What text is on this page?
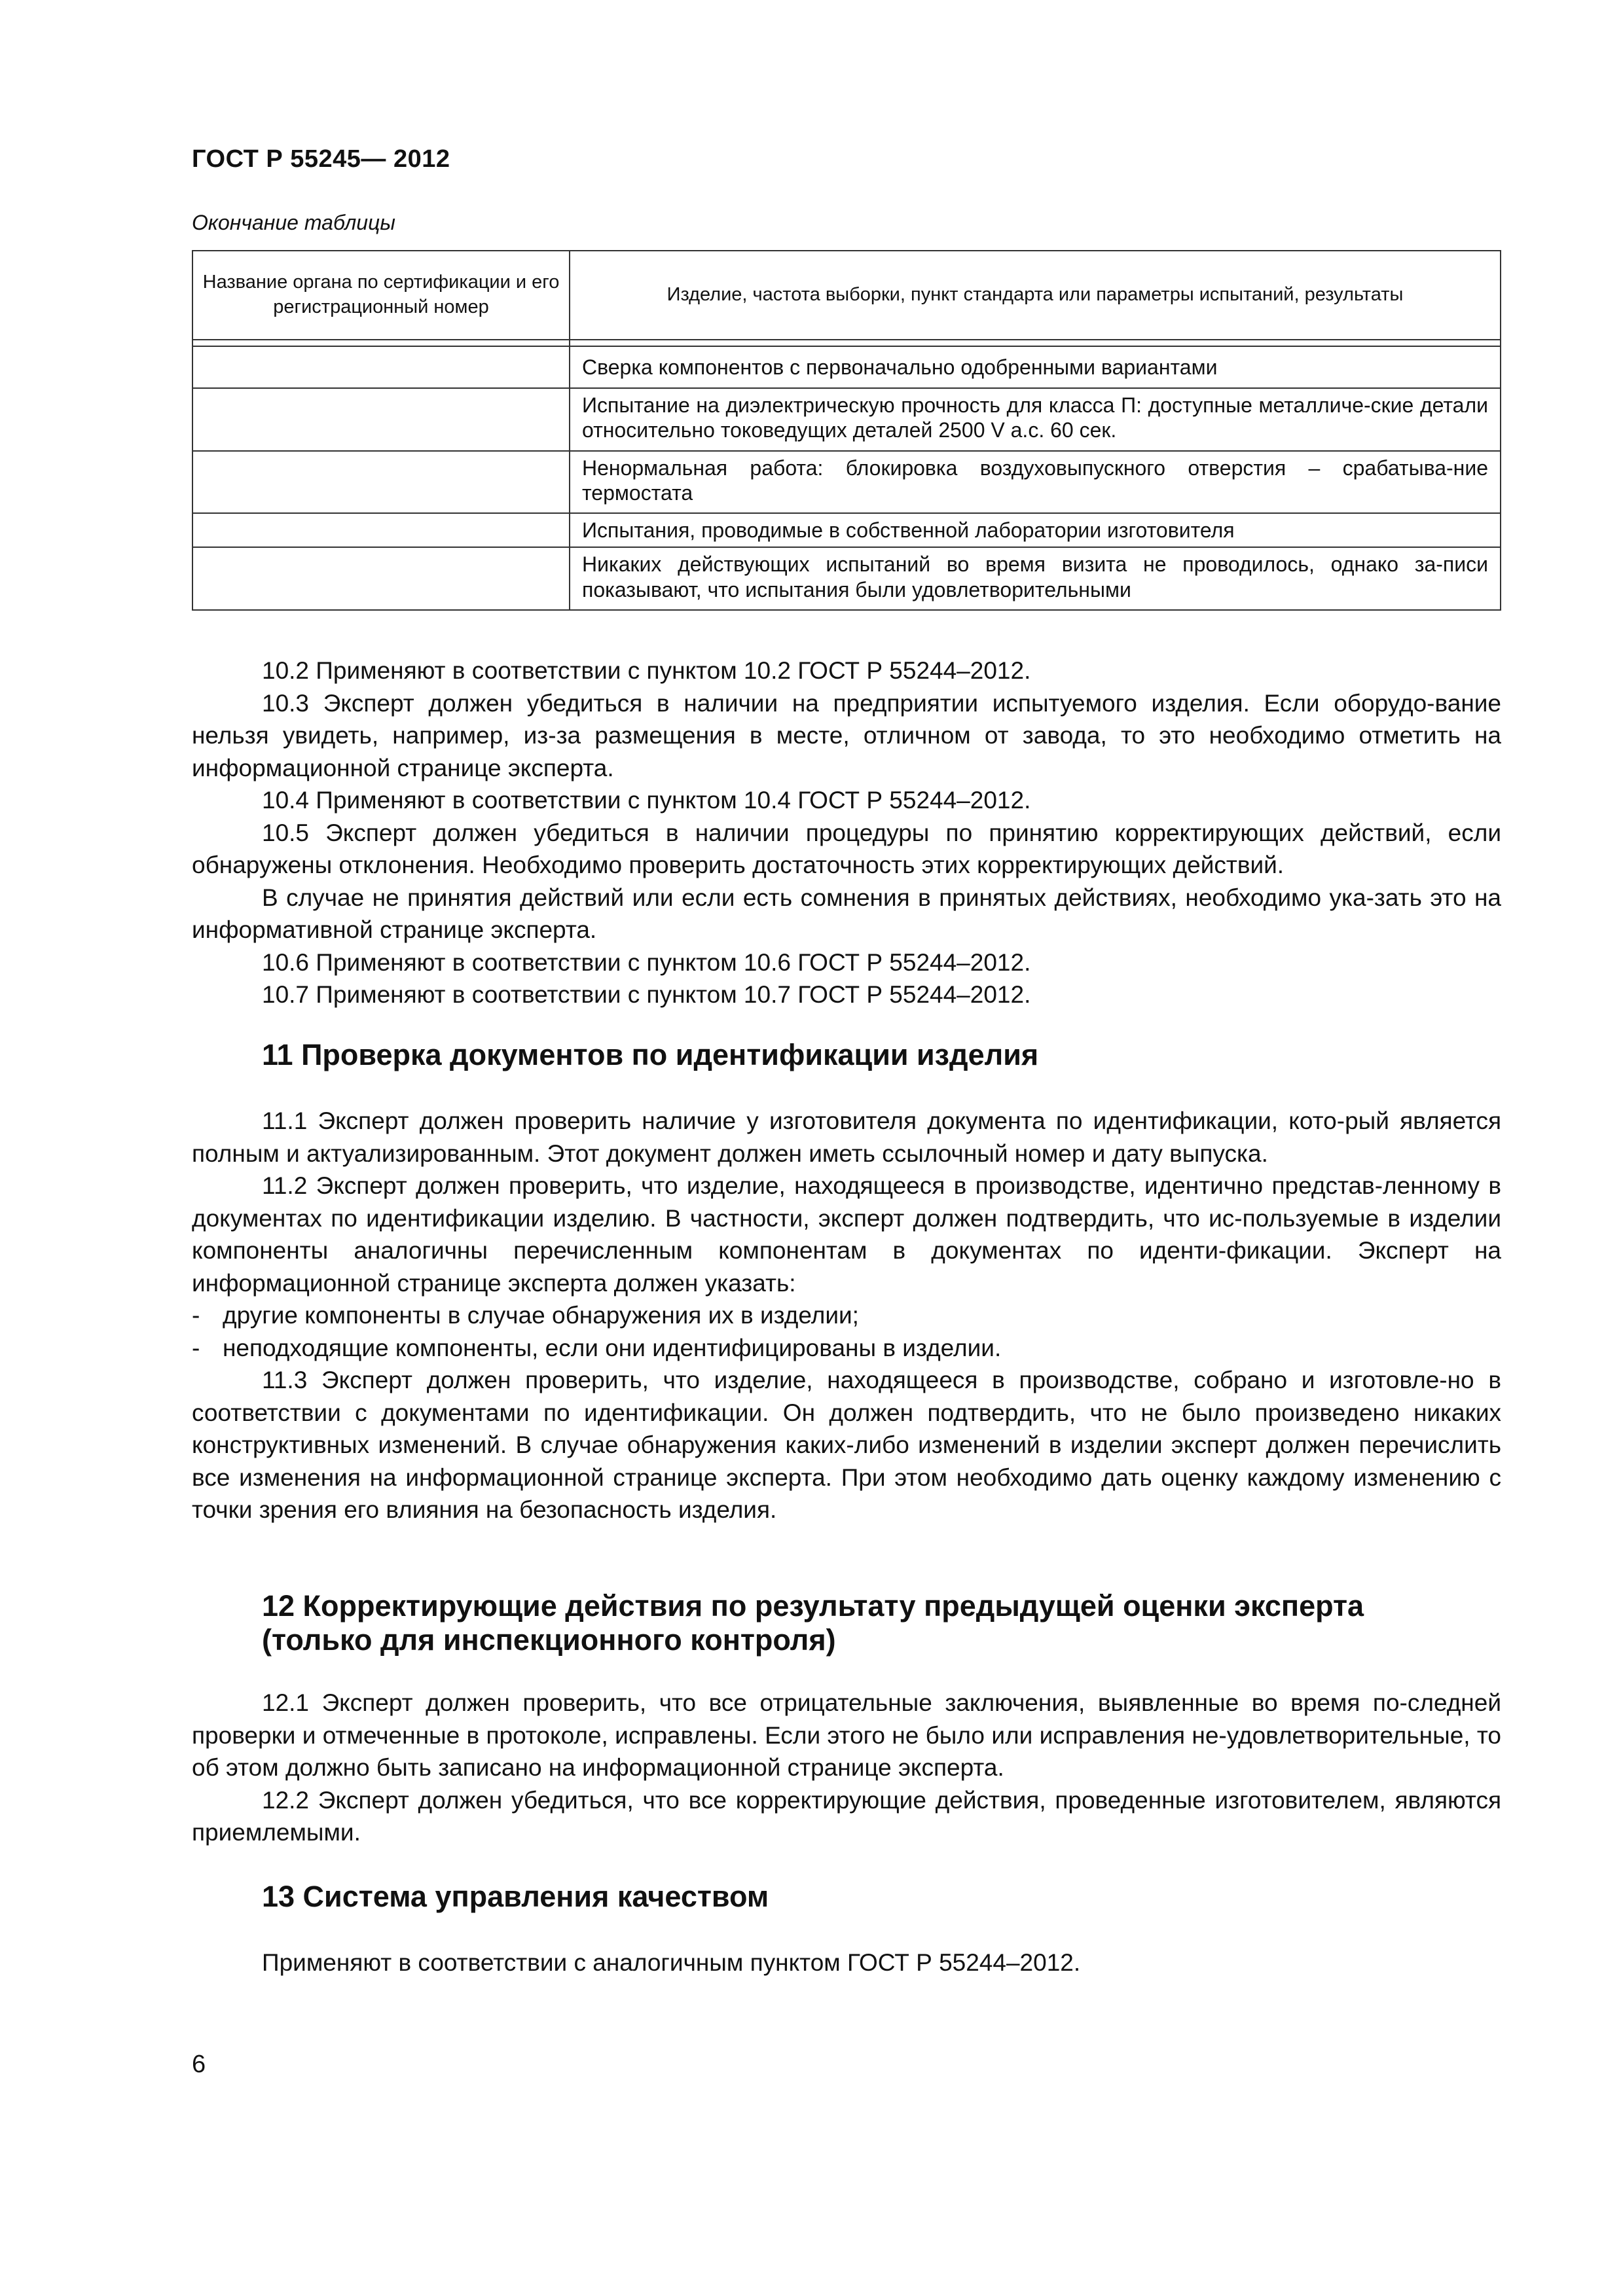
ГОСТ Р 55245— 2012
Окончание таблицы
Название органа по сертификации и его регистрационный номер	Изделие, частота выборки, пункт стандарта или параметры испытаний, результаты

	Сверка компонентов с первоначально одобренными вариантами
	Испытание на диэлектрическую прочность для класса П: доступные металличе-ские детали относительно токоведущих деталей 2500 V a.c. 60 сек.
	Ненормальная работа: блокировка воздуховыпускного отверстия – срабатыва-ние термостата
	Испытания, проводимые в собственной лаборатории изготовителя
	Никаких действующих испытаний во время визита не проводилось, однако за-писи показывают, что испытания были удовлетворительными

10.2 Применяют в соответствии с пунктом 10.2 ГОСТ Р 55244–2012.

10.3 Эксперт должен убедиться в наличии на предприятии испытуемого изделия. Если оборудо-вание нельзя увидеть, например, из-за размещения в месте, отличном от завода, то это необходимо отметить на информационной странице эксперта.

10.4 Применяют в соответствии с пунктом 10.4 ГОСТ Р 55244–2012.

10.5 Эксперт должен убедиться в наличии процедуры по принятию корректирующих действий, если обнаружены отклонения. Необходимо проверить достаточность этих корректирующих действий.

В случае не принятия действий или если есть сомнения в принятых действиях, необходимо ука-зать это на информативной странице эксперта.

10.6 Применяют в соответствии с пунктом 10.6 ГОСТ Р 55244–2012.

10.7 Применяют в соответствии с пунктом 10.7 ГОСТ Р 55244–2012.

11 Проверка документов по идентификации изделия

11.1 Эксперт должен проверить наличие у изготовителя документа по идентификации, кото-рый является полным и актуализированным. Этот документ должен иметь ссылочный номер и дату выпуска.

11.2 Эксперт должен проверить, что изделие, находящееся в производстве, идентично представ-ленному в документах по идентификации изделию. В частности, эксперт должен подтвердить, что ис-пользуемые в изделии компоненты аналогичны перечисленным компонентам в документах по иденти-фикации. Эксперт на информационной странице эксперта должен указать:

- другие компоненты в случае обнаружения их в изделии;

- неподходящие компоненты, если они идентифицированы в изделии.

11.3 Эксперт должен проверить, что изделие, находящееся в производстве, собрано и изготовле-но в соответствии с документами по идентификации. Он должен подтвердить, что не было произведено никаких конструктивных изменений. В случае обнаружения каких-либо изменений в изделии эксперт должен перечислить все изменения на информационной странице эксперта. При этом необходимо дать оценку каждому изменению с точки зрения его влияния на безопасность изделия.

12 Корректирующие действия по результату предыдущей оценки эксперта
(только для инспекционного контроля)

12.1 Эксперт должен проверить, что все отрицательные заключения, выявленные во время по-следней проверки и отмеченные в протоколе, исправлены. Если этого не было или исправления не-удовлетворительные, то об этом должно быть записано на информационной странице эксперта.

12.2 Эксперт должен убедиться, что все корректирующие действия, проведенные изготовителем, являются приемлемыми.

13 Система управления качеством

Применяют в соответствии с аналогичным пунктом ГОСТ Р 55244–2012.

6
